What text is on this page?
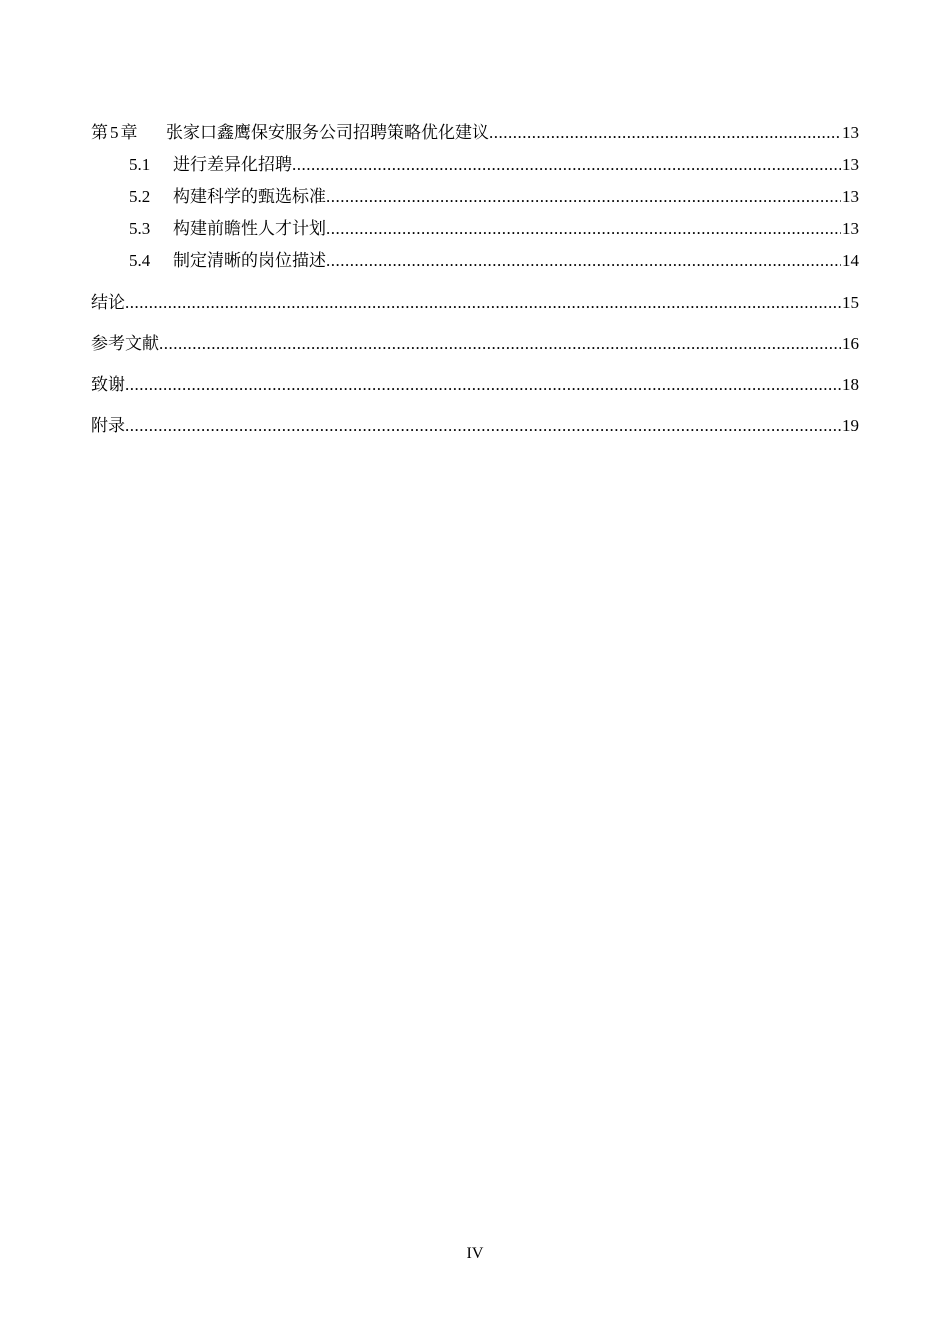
第 5 章	张家口鑫鹰保安服务公司招聘策略优化建议 .....	13
5.1	进行差异化招聘 .....	13
5.2	构建科学的甄选标准 .....	13
5.3	构建前瞻性人才计划 .....	13
5.4	制定清晰的岗位描述 .....	14
结论 .....	15
参考文献 .....	16
致谢 .....	18
附录 .....	19
IV
